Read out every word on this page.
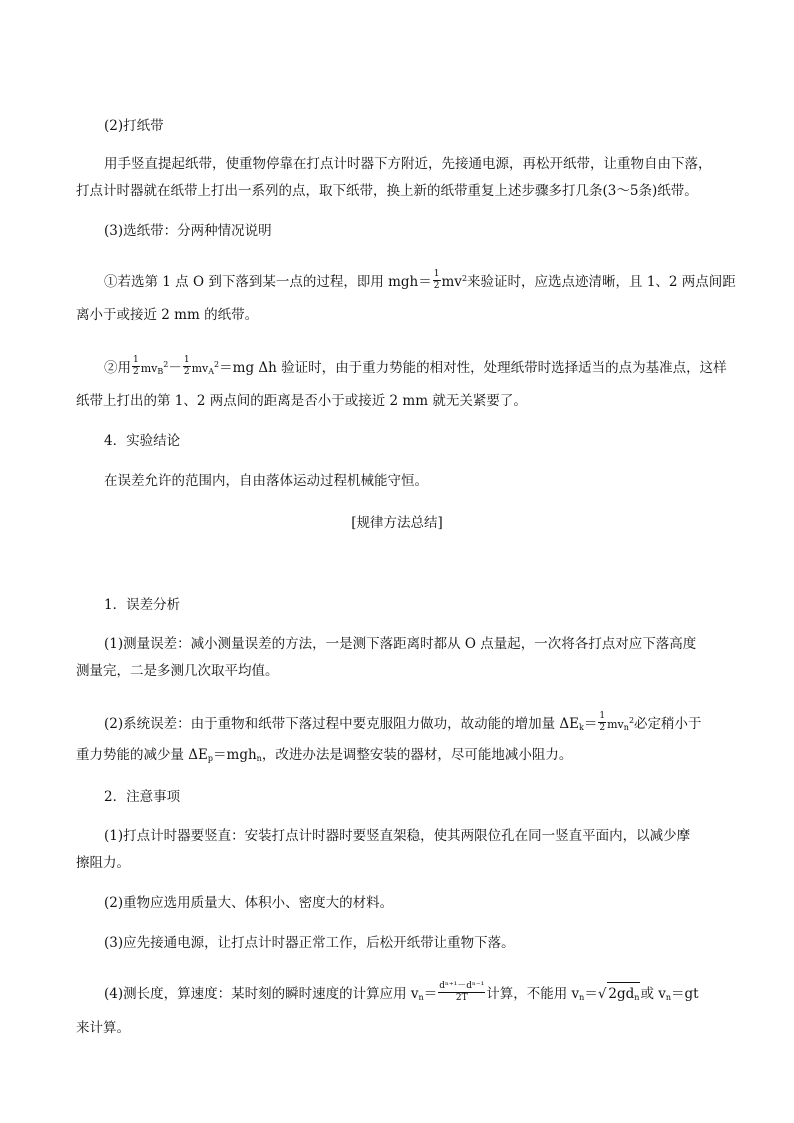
(2)打纸带
用手竖直提起纸带，使重物停靠在打点计时器下方附近，先接通电源，再松开纸带，让重物自由下落，
打点计时器就在纸带上打出一系列的点，取下纸带，换上新的纸带重复上述步骤多打几条(3～5条)纸带。
(3)选纸带：分两种情况说明
①若选第 1 点 O 到下落到某一点的过程，即用 $mgh= \frac{1}{2} mv^2$来验证时，应选点迹清晰，且 1、2 两点间距
离小于或接近 2 mm 的纸带。
②用 $\frac{1}{2} mv_B^2- \frac{1}{2} mv_A^2=mg$ Δh 验证时，由于重力势能的相对性，处理纸带时选择适当的点为基准点，这样
纸带上打出的第 1、2 两点间的距离是否小于或接近 2 mm 就无关紧要了。
4．实验结论
在误差允许的范围内，自由落体运动过程机械能守恒。
[规律方法总结]
1．误差分析
(1)测量误差：减小测量误差的方法，一是测下落距离时都从 O 点量起，一次将各打点对应下落高度
测量完，二是多测几次取平均值。
(2)系统误差：由于重物和纸带下落过程中要克服阻力做功，故动能的增加量 $\Delta E_k= \frac{1}{2} mv_n^2$必定稍小于
重力势能的减少量 $\Delta E_p=mgh_n$，改进办法是调整安装的器材，尽可能地减小阻力。
2．注意事项
(1)打点计时器要竖直：安装打点计时器时要竖直架稳，使其两限位孔在同一竖直平面内，以减少摩
擦阻力。
(2)重物应选用质量大、体积小、密度大的材料。
(3)应先接通电源，让打点计时器正常工作，后松开纸带让重物下落。
(4)测长度，算速度：某时刻的瞬时速度的计算应用 $v_n= \frac{\text{dⁿ⁺¹－dⁿ⁻¹}}{2T}$ 计算，不能用 $v_n=√$ $2gd_n$或 $v_n=gt$
来计算。
